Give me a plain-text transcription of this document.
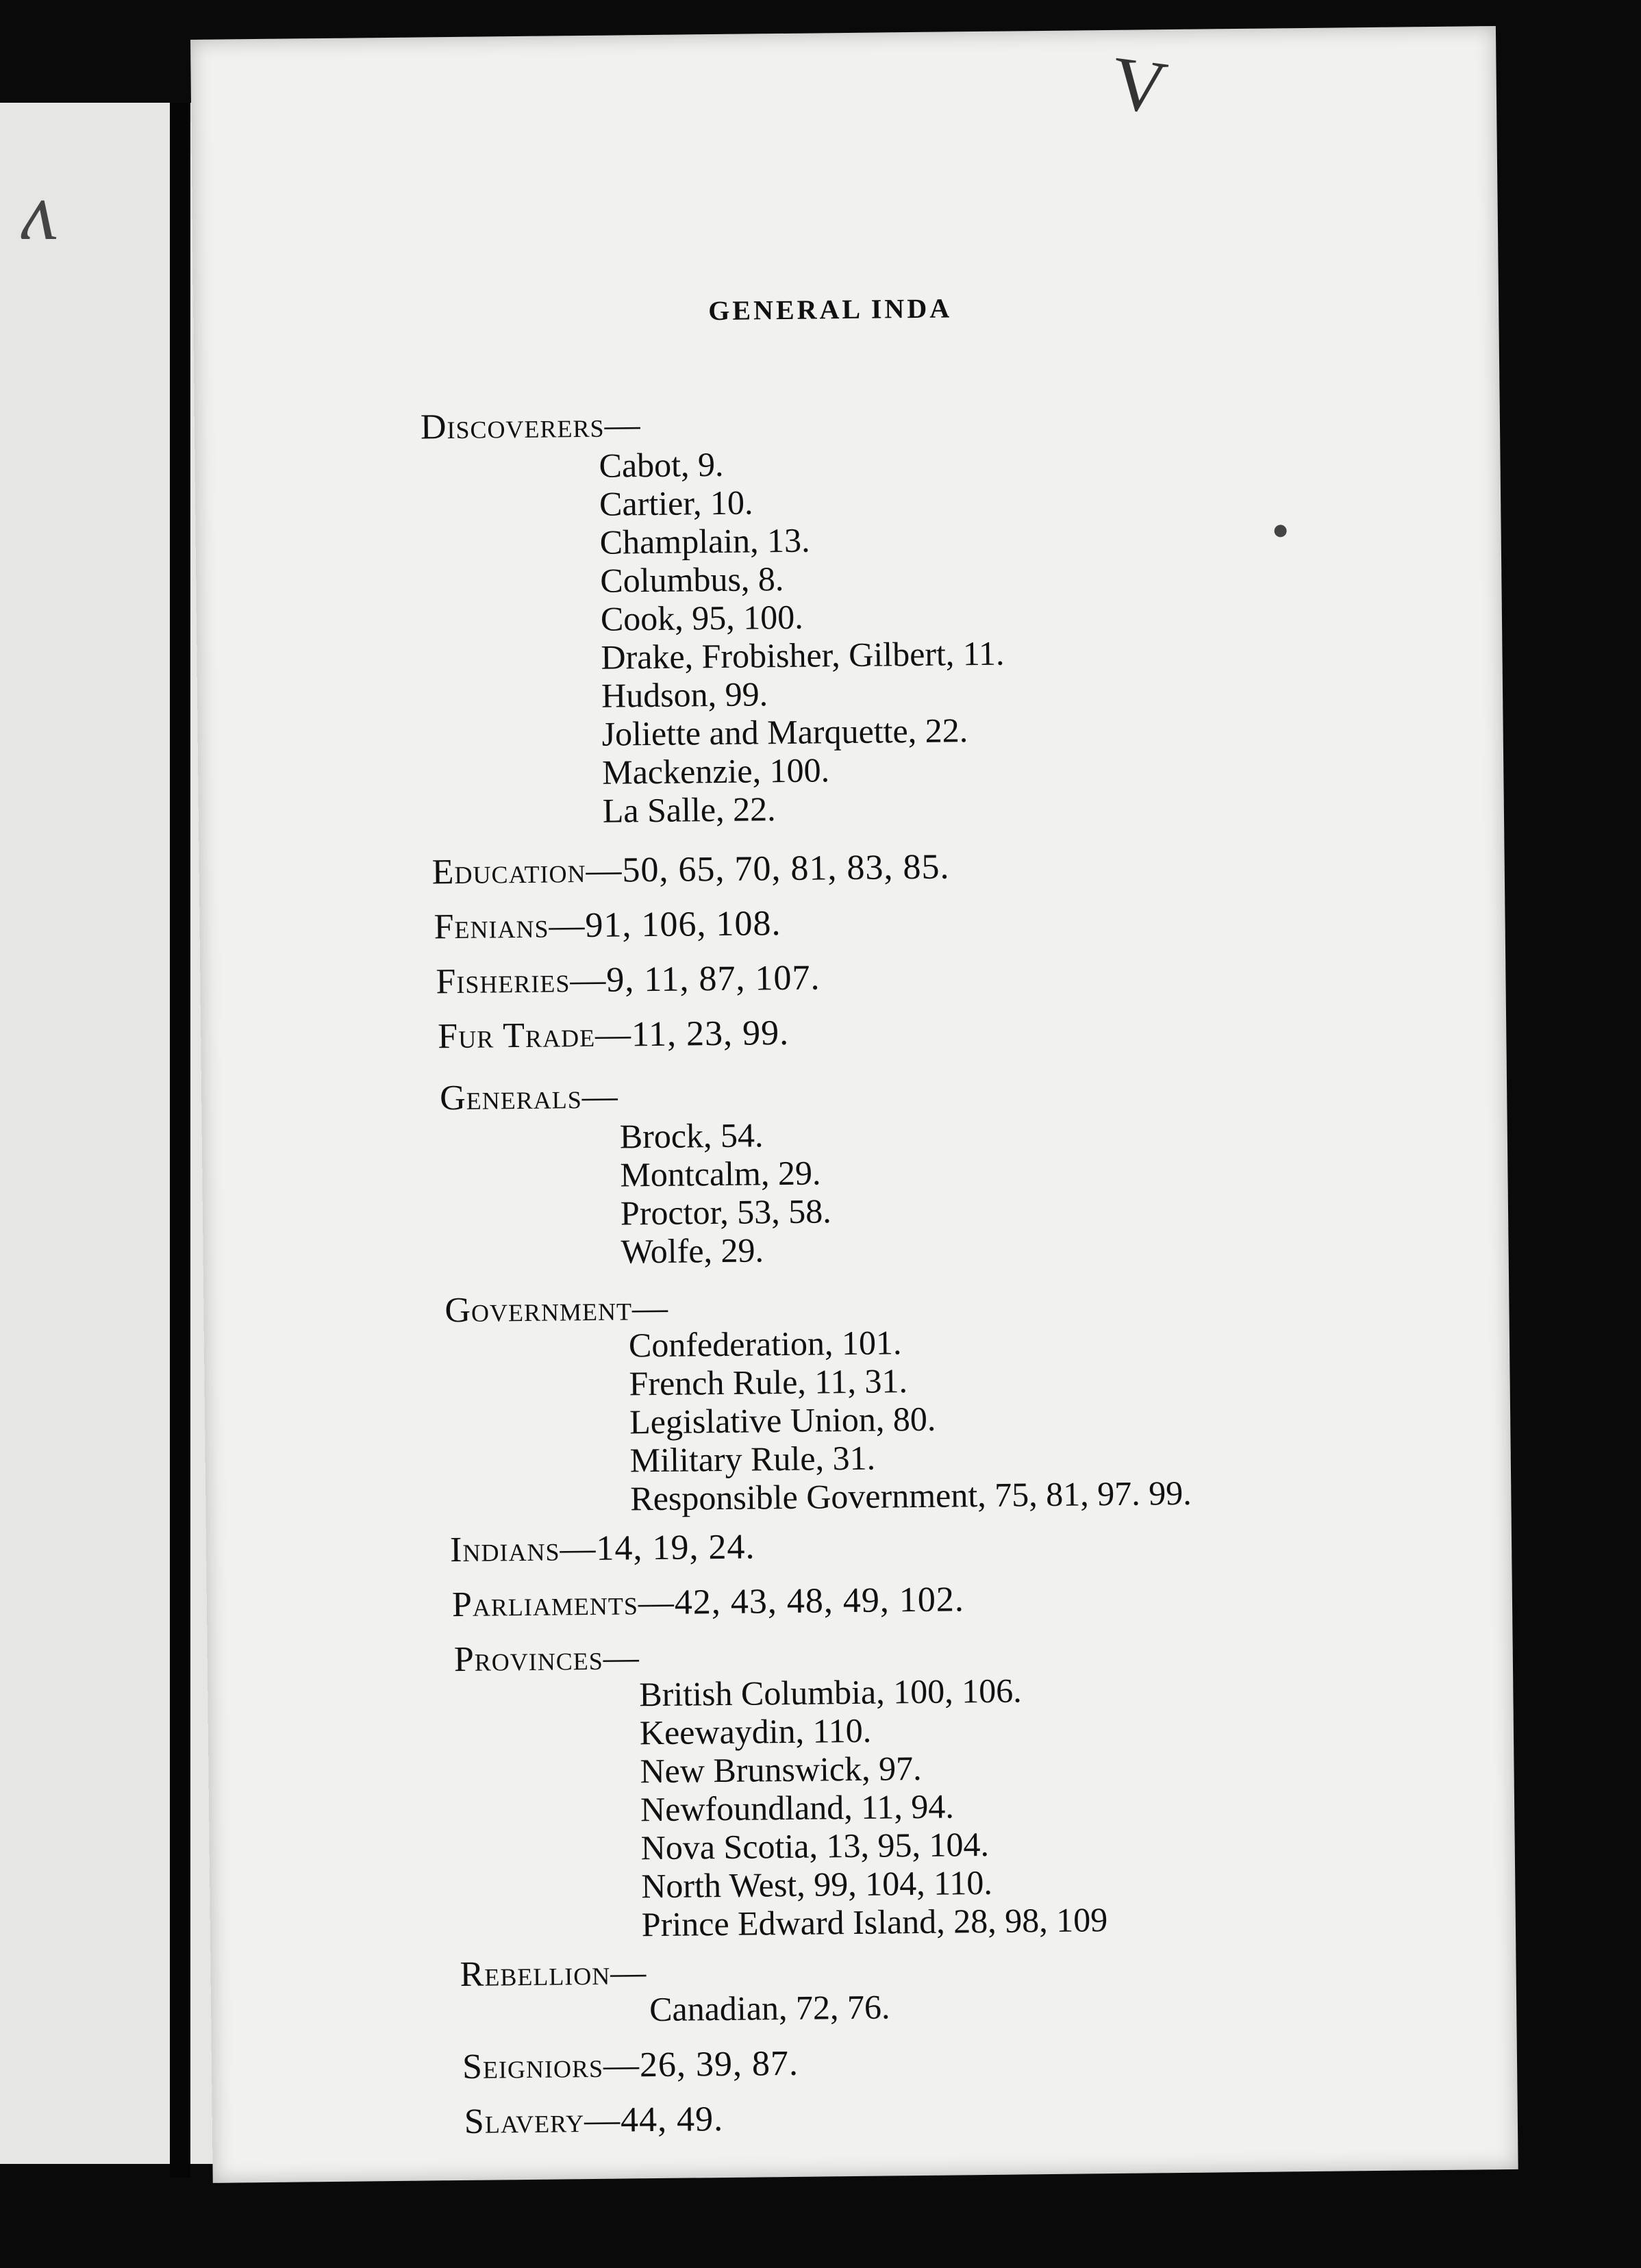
ʌ
V
GENERAL INDA
Discoverers—
Cabot, 9.
Cartier, 10.
Champlain, 13.
Columbus, 8.
Cook, 95, 100.
Drake, Frobisher, Gilbert, 11.
Hudson, 99.
Joliette and Marquette, 22.
Mackenzie, 100.
La Salle, 22.
Education—50, 65, 70, 81, 83, 85.
Fenians—91, 106, 108.
Fisheries—9, 11, 87, 107.
Fur Trade—11, 23, 99.
Generals—
Brock, 54.
Montcalm, 29.
Proctor, 53, 58.
Wolfe, 29.
Government—
Confederation, 101.
French Rule, 11, 31.
Legislative Union, 80.
Military Rule, 31.
Responsible Government, 75, 81, 97. 99.
Indians—14, 19, 24.
Parliaments—42, 43, 48, 49, 102.
Provinces—
British Columbia, 100, 106.
Keewaydin, 110.
New Brunswick, 97.
Newfoundland, 11, 94.
Nova Scotia, 13, 95, 104.
North West, 99, 104, 110.
Prince Edward Island, 28, 98, 109
Rebellion—
Canadian, 72, 76.
Seigniors—26, 39, 87.
Slavery—44, 49.
